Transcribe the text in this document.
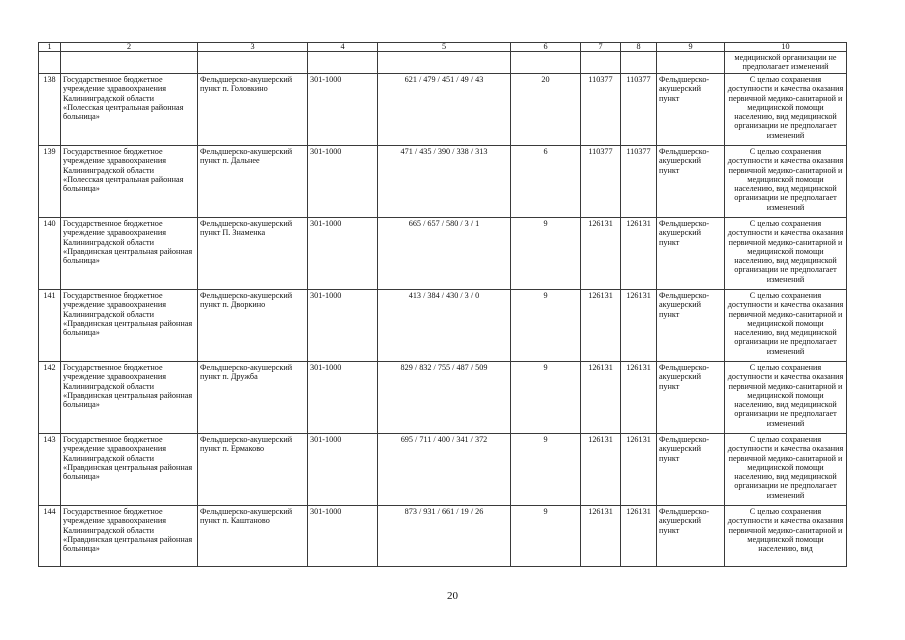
1	2	3	4	5	6	7	8	9	10
									медицинской организации не предполагает изменений
138	Государственное бюджетное учреждение здравоохранения Калининградской области «Полесская центральная районная больница»	Фельдшерско-акушерский пункт п. Головкино	301-1000	621 / 479 / 451 / 49 / 43	20	110377	110377	Фельдшерско-акушерский пункт	С целью сохранения доступности и качества оказания первичной медико-санитарной и медицинской помощи населению, вид медицинской организации не предполагает изменений
139	Государственное бюджетное учреждение здравоохранения Калининградской области «Полесская центральная районная больница»	Фельдшерско-акушерский пункт п. Дальнее	301-1000	471 / 435 / 390 / 338 / 313	6	110377	110377	Фельдшерско-акушерский пункт	С целью сохранения доступности и качества оказания первичной медико-санитарной и медицинской помощи населению, вид медицинской организации не предполагает изменений
140	Государственное бюджетное учреждение здравоохранения Калининградской области «Правдинская центральная районная больница»	Фельдшерско-акушерский пункт П. Знаменка	301-1000	665 / 657 / 580 / 3 / 1	9	126131	126131	Фельдшерско-акушерский пункт	С целью сохранения доступности и качества оказания первичной медико-санитарной и медицинской помощи населению, вид медицинской организации не предполагает изменений
141	Государственное бюджетное учреждение здравоохранения Калининградской области «Правдинская центральная районная больница»	Фельдшерско-акушерский пункт п. Дворкино	301-1000	413 / 384 / 430 / 3 / 0	9	126131	126131	Фельдшерско-акушерский пункт	С целью сохранения доступности и качества оказания первичной медико-санитарной и медицинской помощи населению, вид медицинской организации не предполагает изменений
142	Государственное бюджетное учреждение здравоохранения Калининградской области «Правдинская центральная районная больница»	Фельдшерско-акушерский пункт п. Дружба	301-1000	829 / 832 / 755 / 487 / 509	9	126131	126131	Фельдшерско-акушерский пункт	С целью сохранения доступности и качества оказания первичной медико-санитарной и медицинской помощи населению, вид медицинской организации не предполагает изменений
143	Государственное бюджетное учреждение здравоохранения Калининградской области «Правдинская центральная районная больница»	Фельдшерско-акушерский пункт п. Ермаково	301-1000	695 / 711 / 400 / 341 / 372	9	126131	126131	Фельдшерско-акушерский пункт	С целью сохранения доступности и качества оказания первичной медико-санитарной и медицинской помощи населению, вид медицинской организации не предполагает изменений
144	Государственное бюджетное учреждение здравоохранения Калининградской области «Правдинская центральная районная больница»	Фельдшерско-акушерский пункт п. Каштаново	301-1000	873 / 931 / 661 / 19 / 26	9	126131	126131	Фельдшерско-акушерский пункт	С целью сохранения доступности и качества оказания первичной медико-санитарной и медицинской помощи населению, вид
20
